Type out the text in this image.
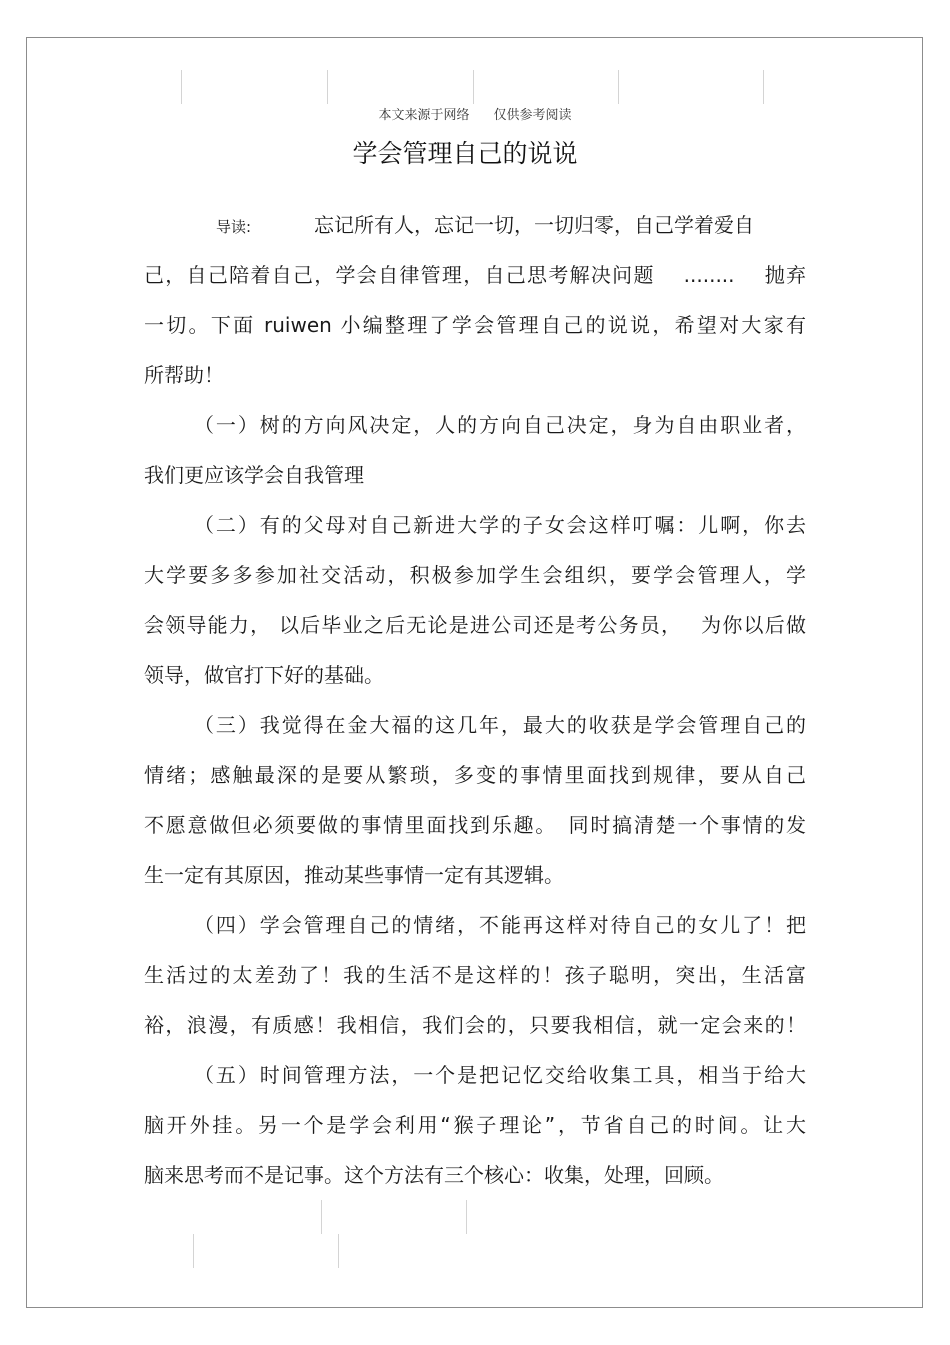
本文来源于网络 仅供参考阅读
学会管理自己的说说
导读:	忘记所有人，忘记一切，一切归零，自己学着爱自
己，自己陪着自己，学会自律管理，自己思考解决问题　 ........　 抛弃
一切。下面 ruiwen 小编整理了学会管理自己的说说，希望对大家有
所帮助！
（一）树的方向风决定，人的方向自己决定，身为自由职业者，
我们更应该学会自我管理
（二）有的父母对自己新进大学的子女会这样叮嘱：儿啊，你去
大学要多多参加社交活动，积极参加学生会组织，要学会管理人，学
会领导能力， 以后毕业之后无论是进公司还是考公务员，　 为你以后做
领导，做官打下好的基础。
（三）我觉得在金大福的这几年，最大的收获是学会管理自己的
情绪；感触最深的是要从繁琐，多变的事情里面找到规律，要从自己
不愿意做但必须要做的事情里面找到乐趣。　同时搞清楚一个事情的发
生一定有其原因，推动某些事情一定有其逻辑。
（四）学会管理自己的情绪，不能再这样对待自己的女儿了！把
生活过的太差劲了！我的生活不是这样的！孩子聪明，突出，生活富
裕，浪漫，有质感！我相信，我们会的，只要我相信，就一定会来的！
（五）时间管理方法，一个是把记忆交给收集工具，相当于给大
脑开外挂。另一个是学会利用“猴子理论”，节省自己的时间。让大
脑来思考而不是记事。这个方法有三个核心：收集，处理，回顾。
